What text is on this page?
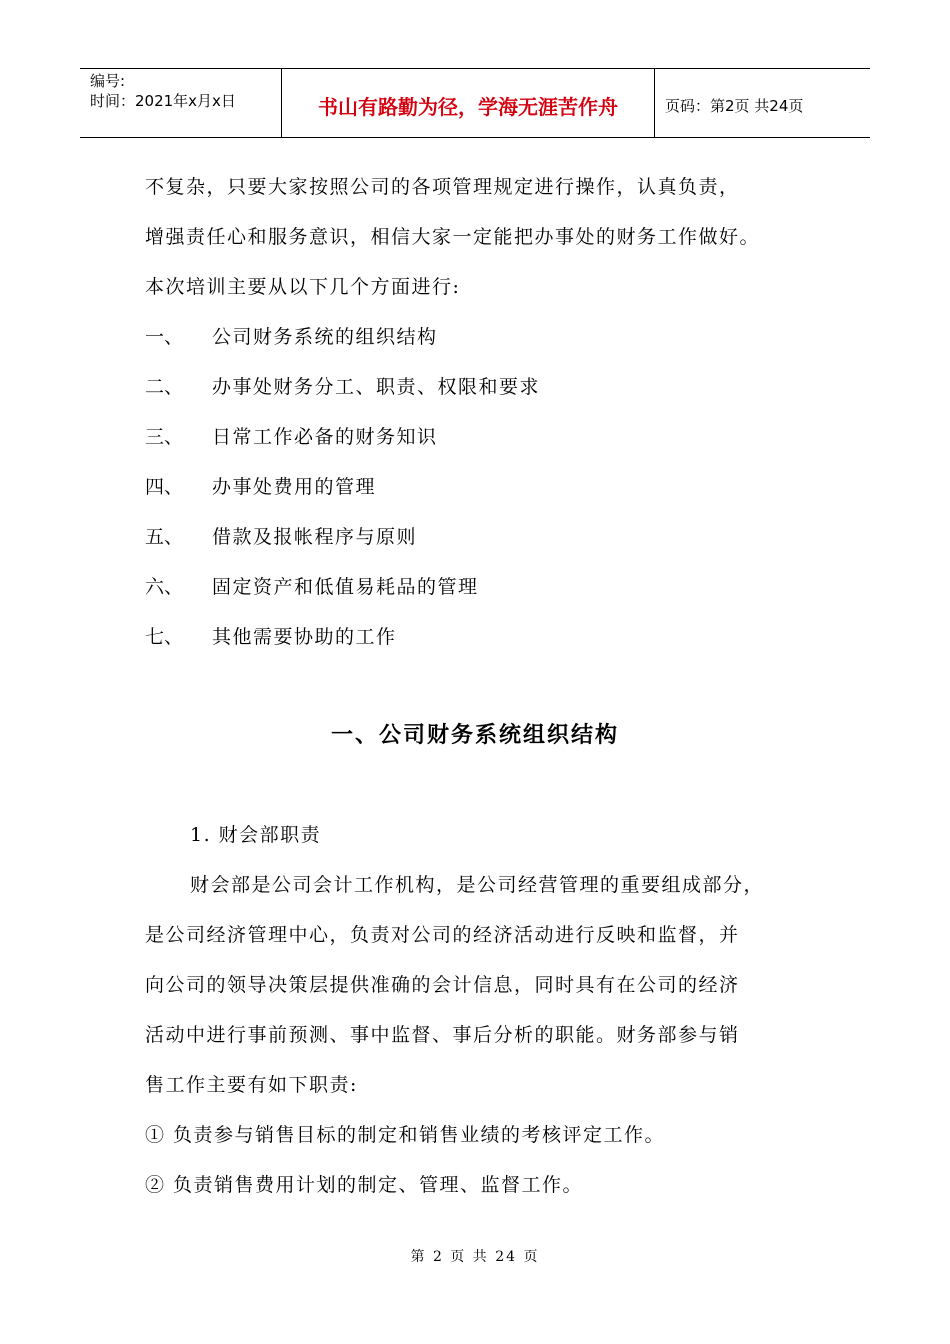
编号:
时间：2021年x月x日	书山有路勤为径，学海无涯苦作舟	页码：第2页 共24页
不复杂，只要大家按照公司的各项管理规定进行操作，认真负责，
增强责任心和服务意识，相信大家一定能把办事处的财务工作做好。
本次培训主要从以下几个方面进行:
一、 公司财务系统的组织结构
二、 办事处财务分工、职责、权限和要求
三、 日常工作必备的财务知识
四、 办事处费用的管理
五、 借款及报帐程序与原则
六、 固定资产和低值易耗品的管理
七、 其他需要协助的工作
一、公司财务系统组织结构
1. 财会部职责
财会部是公司会计工作机构，是公司经营管理的重要组成部分，
是公司经济管理中心，负责对公司的经济活动进行反映和监督，并
向公司的领导决策层提供准确的会计信息，同时具有在公司的经济
活动中进行事前预测、事中监督、事后分析的职能。财务部参与销
售工作主要有如下职责:
① 负责参与销售目标的制定和销售业绩的考核评定工作。
② 负责销售费用计划的制定、管理、监督工作。
第 2 页 共 24 页
